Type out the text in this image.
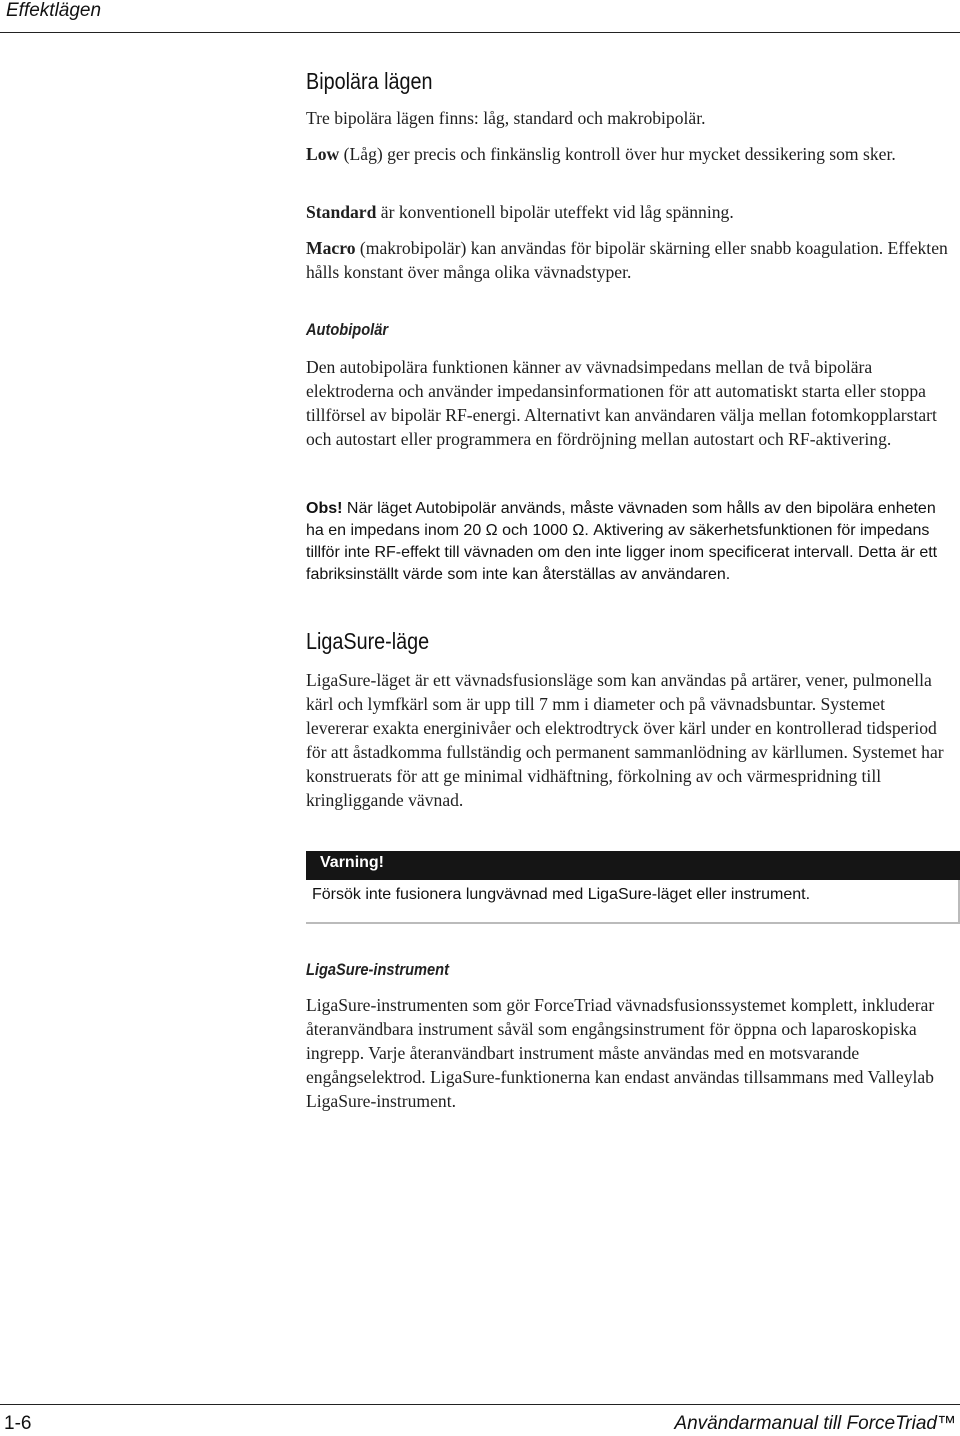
Effektlägen
Bipolära lägen

Tre bipolära lägen finns: låg, standard och makrobipolär.

Low (Låg) ger precis och finkänslig kontroll över hur mycket dessikering som sker.

Standard är konventionell bipolär uteffekt vid låg spänning.

Macro (makrobipolär) kan användas för bipolär skärning eller snabb koagulation. Effekten hålls konstant över många olika vävnadstyper.

Autobipolär

Den autobipolära funktionen känner av vävnadsimpedans mellan de två bipolära elektroderna och använder impedansinformationen för att automatiskt starta eller stoppa tillförsel av bipolär RF-energi. Alternativt kan användaren välja mellan fotomkopplarstart och autostart eller programmera en fördröjning mellan autostart och RF-aktivering.

Obs! När läget Autobipolär används, måste vävnaden som hålls av den bipolära enheten ha en impedans inom 20 Ω och 1000 Ω. Aktivering av säkerhetsfunktionen för impedans tillför inte RF-effekt till vävnaden om den inte ligger inom specificerat intervall. Detta är ett fabriksinställt värde som inte kan återställas av användaren.

LigaSure-läge

LigaSure-läget är ett vävnadsfusionsläge som kan användas på artärer, vener, pulmonella kärl och lymfkärl som är upp till 7 mm i diameter och på vävnadsbuntar. Systemet levererar exakta energinivåer och elektrodtryck över kärl under en kontrollerad tidsperiod för att åstadkomma fullständig och permanent sammanlödning av kärllumen. Systemet har konstruerats för att ge minimal vidhäftning, förkolning av och värmespridning till kringliggande vävnad.

Varning!
Försök inte fusionera lungvävnad med LigaSure-läget eller instrument.
LigaSure-instrument

LigaSure-instrumenten som gör ForceTriad vävnadsfusionssystemet komplett, inkluderar återanvändbara instrument såväl som engångsinstrument för öppna och laparoskopiska ingrepp. Varje återanvändbart instrument måste användas med en motsvarande engångselektrod. LigaSure-funktionerna kan endast användas tillsammans med Valleylab LigaSure-instrument.

1-6	Användarmanual till ForceTriad™
